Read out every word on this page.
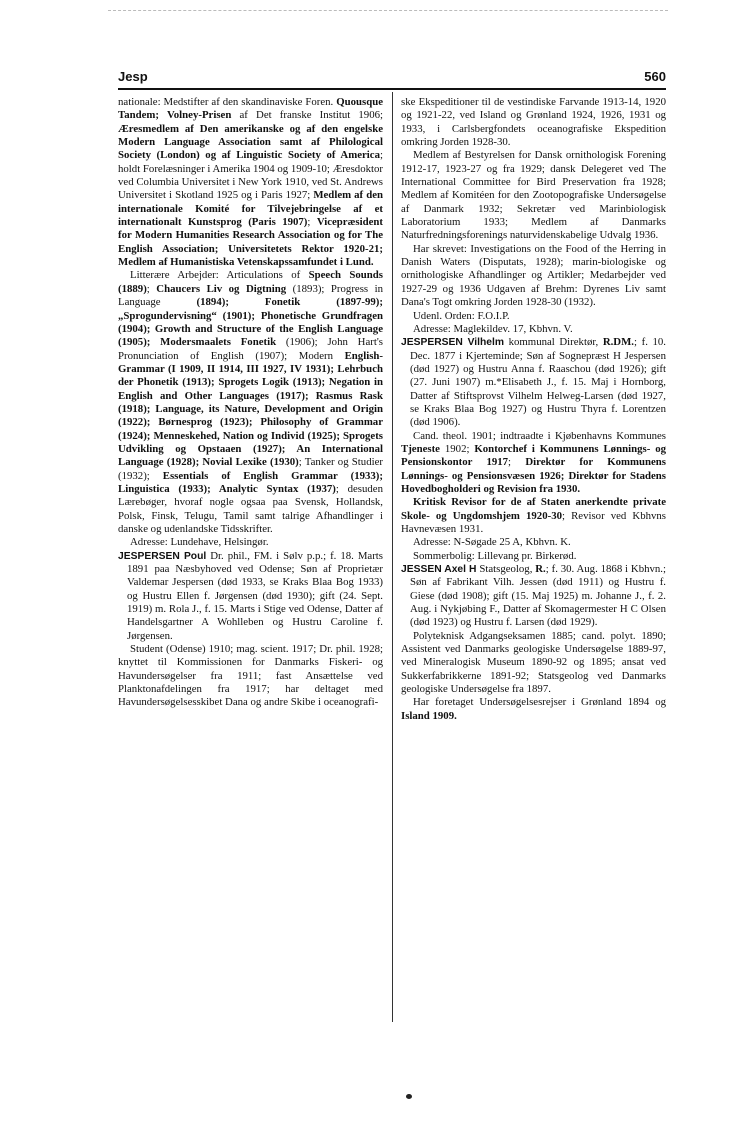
Jesp	560

nationale: Medstifter af den skandinaviske Foren. Quousque Tandem; Volney-Prisen af Det franske Institut 1906; Æresmedlem af Den amerikanske og af den engelske Modern Language Association samt af Philological Society (London) og af Linguistic Society of America; holdt Forelæsninger i Amerika 1904 og 1909-10; Æresdoktor ved Columbia Universitet i New York 1910, ved St. Andrews Universitet i Skotland 1925 og i Paris 1927; Medlem af den internationale Komité for Tilvejebringelse af et internationalt Kunstsprog (Paris 1907); Vicepræsident for Modern Humanities Research Association og for The English Association; Universitetets Rektor 1920-21; Medlem af Humanistiska Vetenskapssamfundet i Lund.

Litterære Arbejder: Articulations of Speech Sounds (1889); Chaucers Liv og Digtning (1893); Progress in Language (1894); Fonetik (1897-99); „Sprogundervisning“ (1901); Phonetische Grundfragen (1904); Growth and Structure of the English Language (1905); Modersmaalets Fonetik (1906); John Hart's Pronunciation of English (1907); Modern English-Grammar (I 1909, II 1914, III 1927, IV 1931); Lehrbuch der Phonetik (1913); Sprogets Logik (1913); Negation in English and Other Languages (1917); Rasmus Rask (1918); Language, its Nature, Development and Origin (1922); Børnesprog (1923); Philosophy of Grammar (1924); Menneskehed, Nation og Individ (1925); Sprogets Udvikling og Opstaaen (1927); An International Language (1928); Novial Lexike (1930); Tanker og Studier (1932); Essentials of English Grammar (1933); Linguistica (1933); Analytic Syntax (1937); desuden Lærebøger, hvoraf nogle ogsaa paa Svensk, Hollandsk, Polsk, Finsk, Telugu, Tamil samt talrige Afhandlinger i danske og udenlandske Tidsskrifter.

Adresse: Lundehave, Helsingør.

JESPERSEN Poul Dr. phil., FM. i Sølv p.p.; f. 18. Marts 1891 paa Næsbyhoved ved Odense; Søn af Proprietær Valdemar Jespersen (død 1933, se Kraks Blaa Bog 1933) og Hustru Ellen f. Jørgensen (død 1930); gift (24. Sept. 1919) m. Rola J., f. 15. Marts i Stige ved Odense, Datter af Handelsgartner A Wohlleben og Hustru Caroline f. Jørgensen.

Student (Odense) 1910; mag. scient. 1917; Dr. phil. 1928; knyttet til Kommissionen for Danmarks Fiskeri- og Havundersøgelser fra 1911; fast Ansættelse ved Planktonafdelingen fra 1917; har deltaget med Havundersøgelsesskibet Dana og andre Skibe i oceanografi-

ske Ekspeditioner til de vestindiske Farvande 1913-14, 1920 og 1921-22, ved Island og Grønland 1924, 1926, 1931 og 1933, i Carlsbergfondets oceanografiske Ekspedition omkring Jorden 1928-30.

Medlem af Bestyrelsen for Dansk ornithologisk Forening 1912-17, 1923-27 og fra 1929; dansk Delegeret ved The International Committee for Bird Preservation fra 1928; Medlem af Komitéen for den Zootopografiske Undersøgelse af Danmark 1932; Sekretær ved Marinbiologisk Laboratorium 1933; Medlem af Danmarks Naturfredningsforenings naturvidenskabelige Udvalg 1936.

Har skrevet: Investigations on the Food of the Herring in Danish Waters (Disputats, 1928); marin-biologiske og ornithologiske Afhandlinger og Artikler; Medarbejder ved 1927-29 og 1936 Udgaven af Brehm: Dyrenes Liv samt Dana's Togt omkring Jorden 1928-30 (1932).

Udenl. Orden: F.O.I.P.

Adresse: Maglekildev. 17, Kbhvn. V.

JESPERSEN Vilhelm kommunal Direktør, R.DM.; f. 10. Dec. 1877 i Kjerteminde; Søn af Sognepræst H Jespersen (død 1927) og Hustru Anna f. Raaschou (død 1926); gift (27. Juni 1907) m.*Elisabeth J., f. 15. Maj i Hornborg, Datter af Stiftsprovst Vilhelm Helweg-Larsen (død 1927, se Kraks Blaa Bog 1927) og Hustru Thyra f. Lorentzen (død 1906).

Cand. theol. 1901; indtraadte i Kjøbenhavns Kommunes Tjeneste 1902; Kontorchef i Kommunens Lønnings- og Pensionskontor 1917; Direktør for Kommunens Lønnings- og Pensionsvæsen 1926; Direktør for Stadens Hovedbogholderi og Revision fra 1930.

Kritisk Revisor for de af Staten anerkendte private Skole- og Ungdomshjem 1920-30; Revisor ved Kbhvns Havnevæsen 1931.

Adresse: N-Søgade 25 A, Kbhvn. K.

Sommerbolig: Lillevang pr. Birkerød.

JESSEN Axel H Statsgeolog, R.; f. 30. Aug. 1868 i Kbhvn.; Søn af Fabrikant Vilh. Jessen (død 1911) og Hustru f. Giese (død 1908); gift (15. Maj 1925) m. Johanne J., f. 2. Aug. i Nykjøbing F., Datter af Skomagermester H C Olsen (død 1923) og Hustru f. Larsen (død 1929).

Polyteknisk Adgangseksamen 1885; cand. polyt. 1890; Assistent ved Danmarks geologiske Undersøgelse 1889-97, ved Mineralogisk Museum 1890-92 og 1895; ansat ved Sukkerfabrikkerne 1891-92; Statsgeolog ved Danmarks geologiske Undersøgelse fra 1897.

Har foretaget Undersøgelsesrejser i Grønland 1894 og Island 1909.
